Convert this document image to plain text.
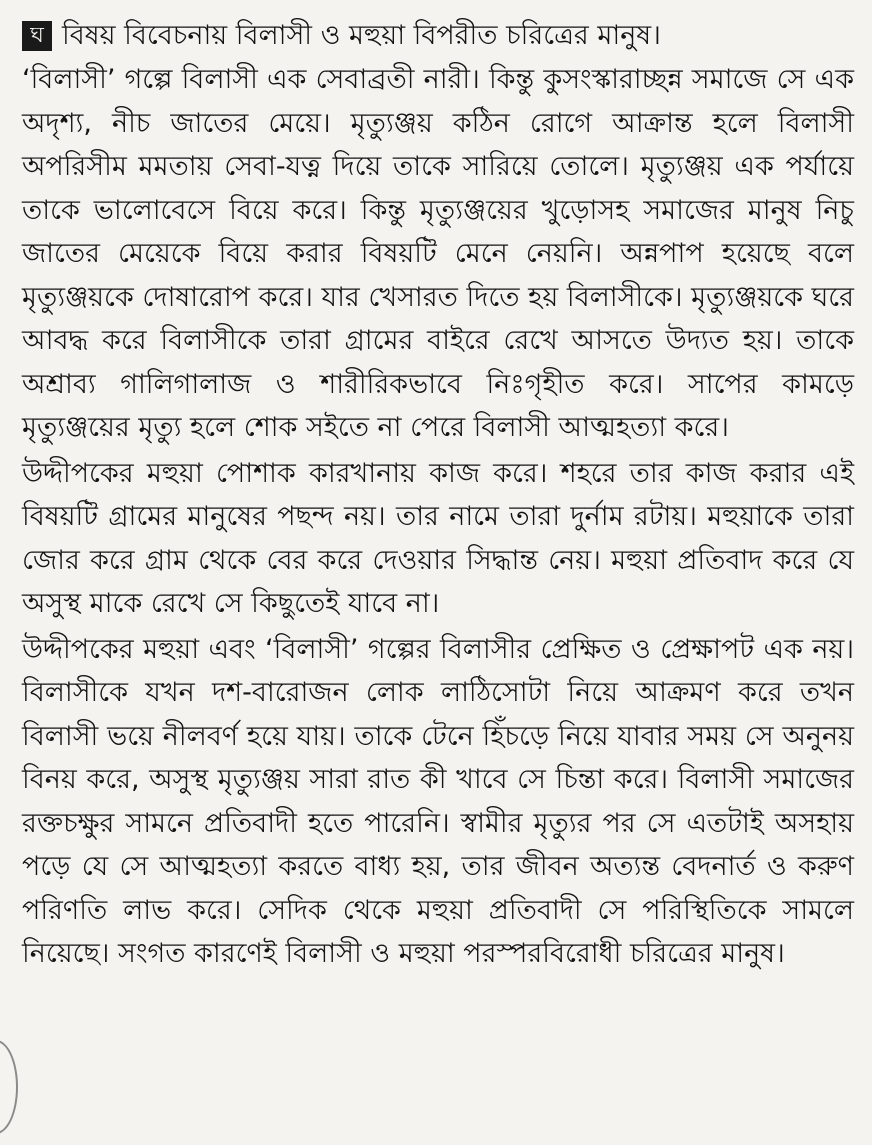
ঘ বিষয় বিবেচনায় বিলাসী ও মহুয়া বিপরীত চরিত্রের মানুষ।

‘বিলাসী’ গল্পে বিলাসী এক সেবাব্রতী নারী। কিন্তু কুসংস্কারাচ্ছন্ন সমাজে সে এক অদৃশ্য, নীচ জাতের মেয়ে। মৃত্যুঞ্জয় কঠিন রোগে আক্রান্ত হলে বিলাসী অপরিসীম মমতায় সেবা-যত্ন দিয়ে তাকে সারিয়ে তোলে। মৃত্যুঞ্জয় এক পর্যায়ে তাকে ভালোবেসে বিয়ে করে। কিন্তু মৃত্যুঞ্জয়ের খুড়োসহ সমাজের মানুষ নিচু জাতের মেয়েকে বিয়ে করার বিষয়টি মেনে নেয়নি। অন্নপাপ হয়েছে বলে মৃত্যুঞ্জয়কে দোষারোপ করে। যার খেসারত দিতে হয় বিলাসীকে। মৃত্যুঞ্জয়কে ঘরে আবদ্ধ করে বিলাসীকে তারা গ্রামের বাইরে রেখে আসতে উদ্যত হয়। তাকে অশ্রাব্য গালিগালাজ ও শারীরিকভাবে নিঃগৃহীত করে। সাপের কামড়ে মৃত্যুঞ্জয়ের মৃত্যু হলে শোক সইতে না পেরে বিলাসী আত্মহত্যা করে।

উদ্দীপকের মহুয়া পোশাক কারখানায় কাজ করে। শহরে তার কাজ করার এই বিষয়টি গ্রামের মানুষের পছন্দ নয়। তার নামে তারা দুর্নাম রটায়। মহুয়াকে তারা জোর করে গ্রাম থেকে বের করে দেওয়ার সিদ্ধান্ত নেয়। মহুয়া প্রতিবাদ করে যে অসুস্থ মাকে রেখে সে কিছুতেই যাবে না।

উদ্দীপকের মহুয়া এবং ‘বিলাসী’ গল্পের বিলাসীর প্রেক্ষিত ও প্রেক্ষাপট এক নয়। বিলাসীকে যখন দশ-বারোজন লোক লাঠিসোটা নিয়ে আক্রমণ করে তখন বিলাসী ভয়ে নীলবর্ণ হয়ে যায়। তাকে টেনে হিঁচড়ে নিয়ে যাবার সময় সে অনুনয় বিনয় করে, অসুস্থ মৃত্যুঞ্জয় সারা রাত কী খাবে সে চিন্তা করে। বিলাসী সমাজের রক্তচক্ষুর সামনে প্রতিবাদী হতে পারেনি। স্বামীর মৃত্যুর পর সে এতটাই অসহায় পড়ে যে সে আত্মহত্যা করতে বাধ্য হয়, তার জীবন অত্যন্ত বেদনার্ত ও করুণ পরিণতি লাভ করে। সেদিক থেকে মহুয়া প্রতিবাদী সে পরিস্থিতিকে সামলে নিয়েছে। সংগত কারণেই বিলাসী ও মহুয়া পরস্পরবিরোধী চরিত্রের মানুষ।
